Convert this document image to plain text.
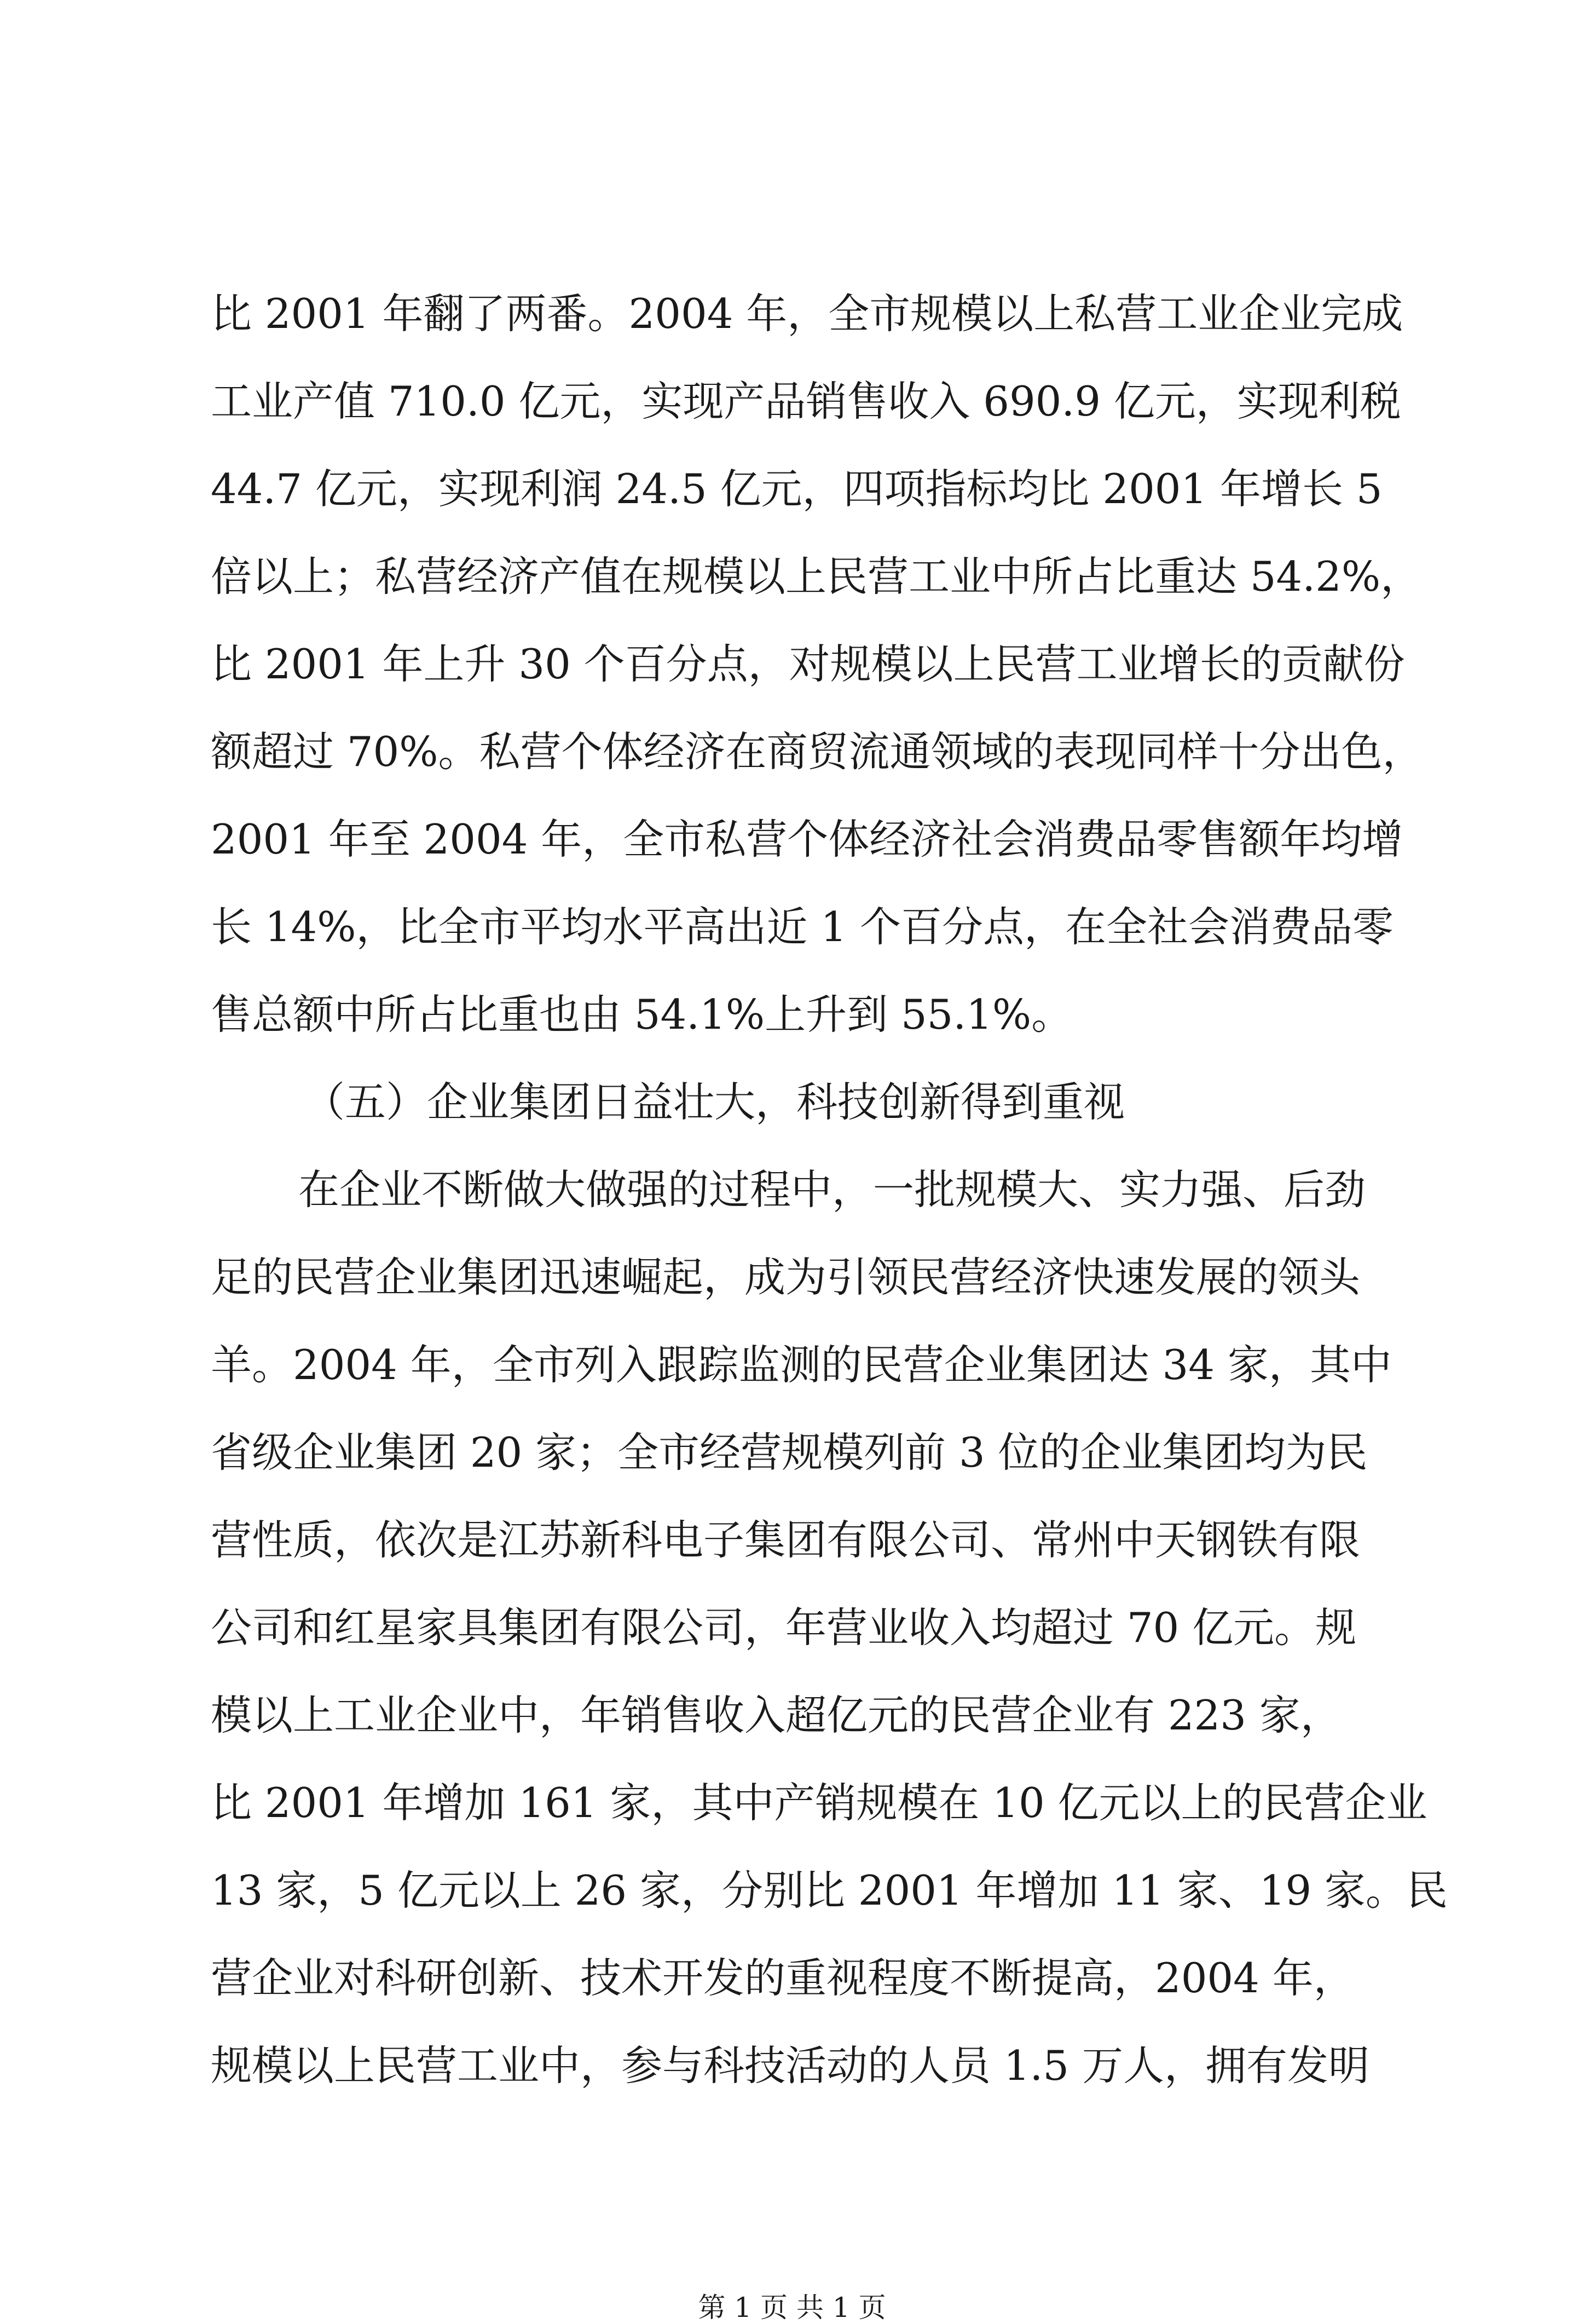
比 2001 年翻了两番。2004 年，全市规模以上私营工业企业完成
工业产值 710.0 亿元，实现产品销售收入 690.9 亿元，实现利税
44.7 亿元，实现利润 24.5 亿元，四项指标均比 2001 年增长 5
倍以上；私营经济产值在规模以上民营工业中所占比重达 54.2%，
比 2001 年上升 30 个百分点，对规模以上民营工业增长的贡献份
额超过 70%。私营个体经济在商贸流通领域的表现同样十分出色，
2001 年至 2004 年，全市私营个体经济社会消费品零售额年均增
长 14%，比全市平均水平高出近 1 个百分点，在全社会消费品零
售总额中所占比重也由 54.1%上升到 55.1%。
（五）企业集团日益壮大，科技创新得到重视
在企业不断做大做强的过程中，一批规模大、实力强、后劲
足的民营企业集团迅速崛起，成为引领民营经济快速发展的领头
羊。2004 年，全市列入跟踪监测的民营企业集团达 34 家，其中
省级企业集团 20 家；全市经营规模列前 3 位的企业集团均为民
营性质，依次是江苏新科电子集团有限公司、常州中天钢铁有限
公司和红星家具集团有限公司，年营业收入均超过 70 亿元。规
模以上工业企业中，年销售收入超亿元的民营企业有 223 家，
比 2001 年增加 161 家，其中产销规模在 10 亿元以上的民营企业
13 家，5 亿元以上 26 家，分别比 2001 年增加 11 家、19 家。民
营企业对科研创新、技术开发的重视程度不断提高，2004 年，
规模以上民营工业中，参与科技活动的人员 1.5 万人，拥有发明
第 1 页 共 1 页
